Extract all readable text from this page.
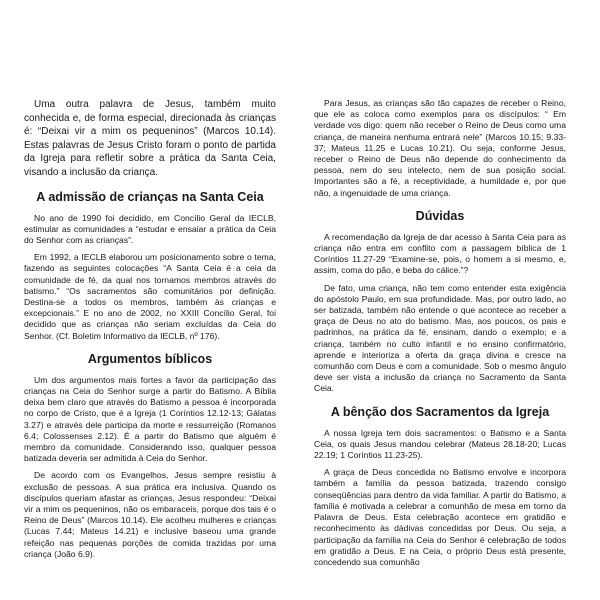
Uma outra palavra de Jesus, também muito conhecida e, de forma especial, direcionada às crianças é: “Deixai vir a mim os pequeninos” (Marcos 10.14). Estas palavras de Jesus Cristo foram o ponto de partida da Igreja para refletir sobre a prática da Santa Ceia, visando a inclusão da criança.

A admissão de crianças na Santa Ceia

No ano de 1990 foi decidido, em Concílio Geral da IECLB, estimular as comunidades a “estudar e ensaiar a prática da Ceia do Senhor com as crianças”.

Em 1992, a IECLB elaborou um posicionamento sobre o tema, fazendo as seguintes colocações “A Santa Ceia é a ceia da comunidade de fé, da qual nos tornamos membros através do batismo.” “Os sacramentos são comunitários por definição. Destina-se a todos os membros, também às crianças e excepcionais.” E no ano de 2002, no XXIII Concílio Geral, foi decidido que as crianças não seriam excluídas da Ceia do Senhor. (Cf. Boletim Informativo da IECLB, nº 176).

Argumentos bíblicos

Um dos argumentos mais fortes a favor da participação das crianças na Ceia do Senhor surge a partir do Batismo. A Bíblia deixa bem claro que através do Batismo a pessoa é incorporada no corpo de Cristo, que é a Igreja (1 Coríntios 12.12-13; Gálatas 3.27) e através dele participa da morte e ressurreição (Romanos 6.4; Colossenses 2.12). É a partir do Batismo que alguém é membro da comunidade. Considerando isso, qualquer pessoa batizada deveria ser admitida à Ceia do Senhor.

De acordo com os Evangelhos, Jesus sempre resistiu à exclusão de pessoas. A sua prática era inclusiva. Quando os discípulos queriam afastar as crianças, Jesus respondeu: “Deixai vir a mim os pequeninos, não os embaraceis, porque dos tais é o Reino de Deus” (Marcos 10.14). Ele acolheu mulheres e crianças (Lucas 7.44; Mateus 14.21) e inclusive baseou uma grande refeição nas pequenas porções de comida trazidas por uma criança (João 6.9).

Para Jesus, as crianças são tão capazes de receber o Reino, que ele as coloca como exemplos para os discípulos: “ Em verdade vos digo: quem não receber o Reino de Deus como uma criança, de maneira nenhuma entrará nele” (Marcos 10.15; 9.33-37; Mateus 11.25 e Lucas 10.21). Ou seja, conforme Jesus, receber o Reino de Deus não depende do conhecimento da pessoa, nem do seu intelecto, nem de sua posição social. Importantes são a fé, a receptividade, a humildade e, por que não, a ingenuidade de uma criança.

Dúvidas

A recomendação da Igreja de dar acesso à Santa Ceia para as criança não entra em conflito com a passagem bíblica de 1 Coríntios 11.27-29 “Examine-se, pois, o homem a si mesmo, e, assim, coma do pão, e beba do cálice.”?

De fato, uma criança, não tem como entender esta exigência do apóstolo Paulo, em sua profundidade. Mas, por outro lado, ao ser batizada, também não entende o que acontece ao receber a graça de Deus no ato do batismo. Mas, aos poucos, os pais e padrinhos, na prática da fé, ensinam, dando o exemplo; e a criança, também no culto infantil e no ensino confirmatório, aprende e interioriza a oferta da graça divina e cresce na comunhão com Deus e com a comunidade. Sob o mesmo ângulo deve ser vista a inclusão da criança no Sacramento da Santa Ceia.

A bênção dos Sacramentos da Igreja

A nossa Igreja tem dois sacramentos: o Batismo e a Santa Ceia, os quais Jesus mandou celebrar (Mateus 28.18-20; Lucas 22.19; 1 Coríntios 11.23-25).

A graça de Deus concedida no Batismo envolve e incorpora também a família da pessoa batizada, trazendo consigo conseqüências para dentro da vida familiar. A partir do Batismo, a família é motivada a celebrar a comunhão de mesa em torno da Palavra de Deus. Esta celebração acontece em gratidão e reconhecimento às dádivas concedidas por Deus. Ou seja, a participação da família na Ceia do Senhor é celebração de todos em gratidão a Deus. E na Ceia, o próprio Deus está presente, concedendo sua comunhão
